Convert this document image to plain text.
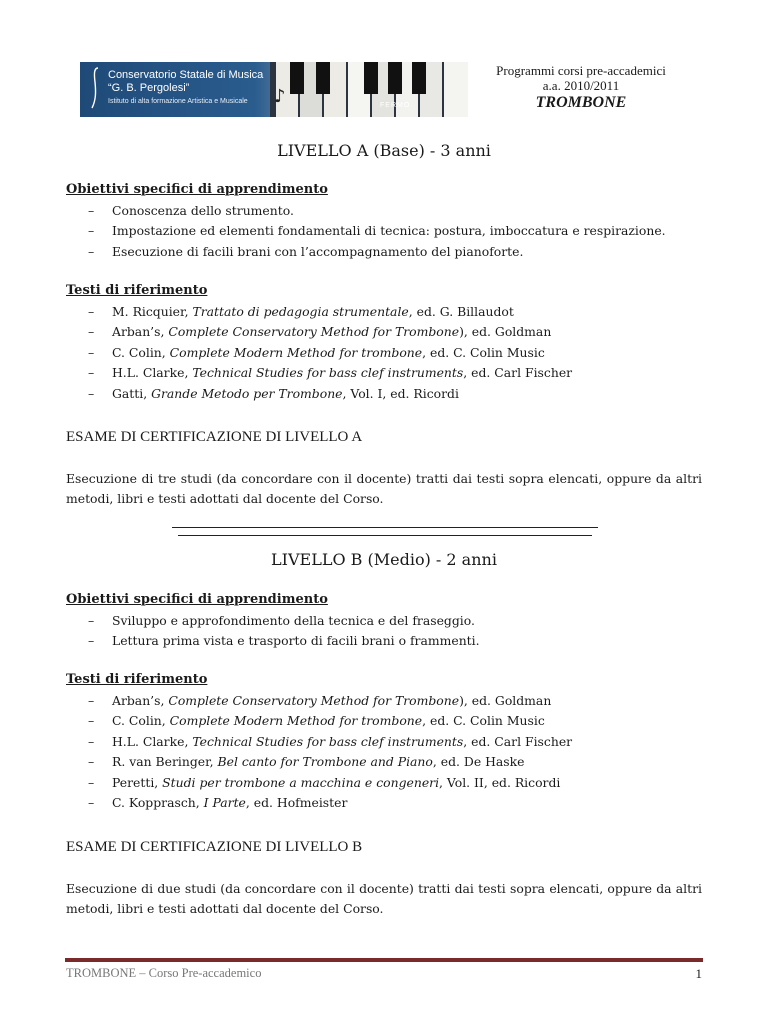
Conservatorio Statale di Musica
“G. B. Pergolesi”
Istituto di alta formazione Artistica e Musicale ♪	FERMO
Programmi corsi pre-accademici
a.a. 2010/2011
TROMBONE
LIVELLO A (Base) - 3 anni
Obiettivi specifici di apprendimento
– Conoscenza dello strumento.
– Impostazione ed elementi fondamentali di tecnica: postura, imboccatura e respirazione.
– Esecuzione di facili brani con l’accompagnamento del pianoforte.
Testi di riferimento
– M. Ricquier, Trattato di pedagogia strumentale, ed. G. Billaudot
– Arban’s, Complete Conservatory Method for Trombone), ed. Goldman
– C. Colin, Complete Modern Method for trombone, ed. C. Colin Music
– H.L. Clarke, Technical Studies for bass clef instruments, ed. Carl Fischer
– Gatti, Grande Metodo per Trombone, Vol. I, ed. Ricordi
ESAME DI CERTIFICAZIONE DI LIVELLO A
Esecuzione di tre studi (da concordare con il docente) tratti dai testi sopra elencati, oppure da altri metodi, libri e testi adottati dal docente del Corso.
LIVELLO B (Medio) - 2 anni
Obiettivi specifici di apprendimento
– Sviluppo e approfondimento della tecnica e del fraseggio.
– Lettura prima vista e trasporto di facili brani o frammenti.
Testi di riferimento
– Arban’s, Complete Conservatory Method for Trombone), ed. Goldman
– C. Colin, Complete Modern Method for trombone, ed. C. Colin Music
– H.L. Clarke, Technical Studies for bass clef instruments, ed. Carl Fischer
– R. van Beringer, Bel canto for Trombone and Piano, ed. De Haske
– Peretti, Studi per trombone a macchina e congeneri, Vol. II, ed. Ricordi
– C. Kopprasch, I Parte, ed. Hofmeister
ESAME DI CERTIFICAZIONE DI LIVELLO B
Esecuzione di due studi (da concordare con il docente) tratti dai testi sopra elencati, oppure da altri metodi, libri e testi adottati dal docente del Corso.
TROMBONE – Corso Pre-accademico	1
